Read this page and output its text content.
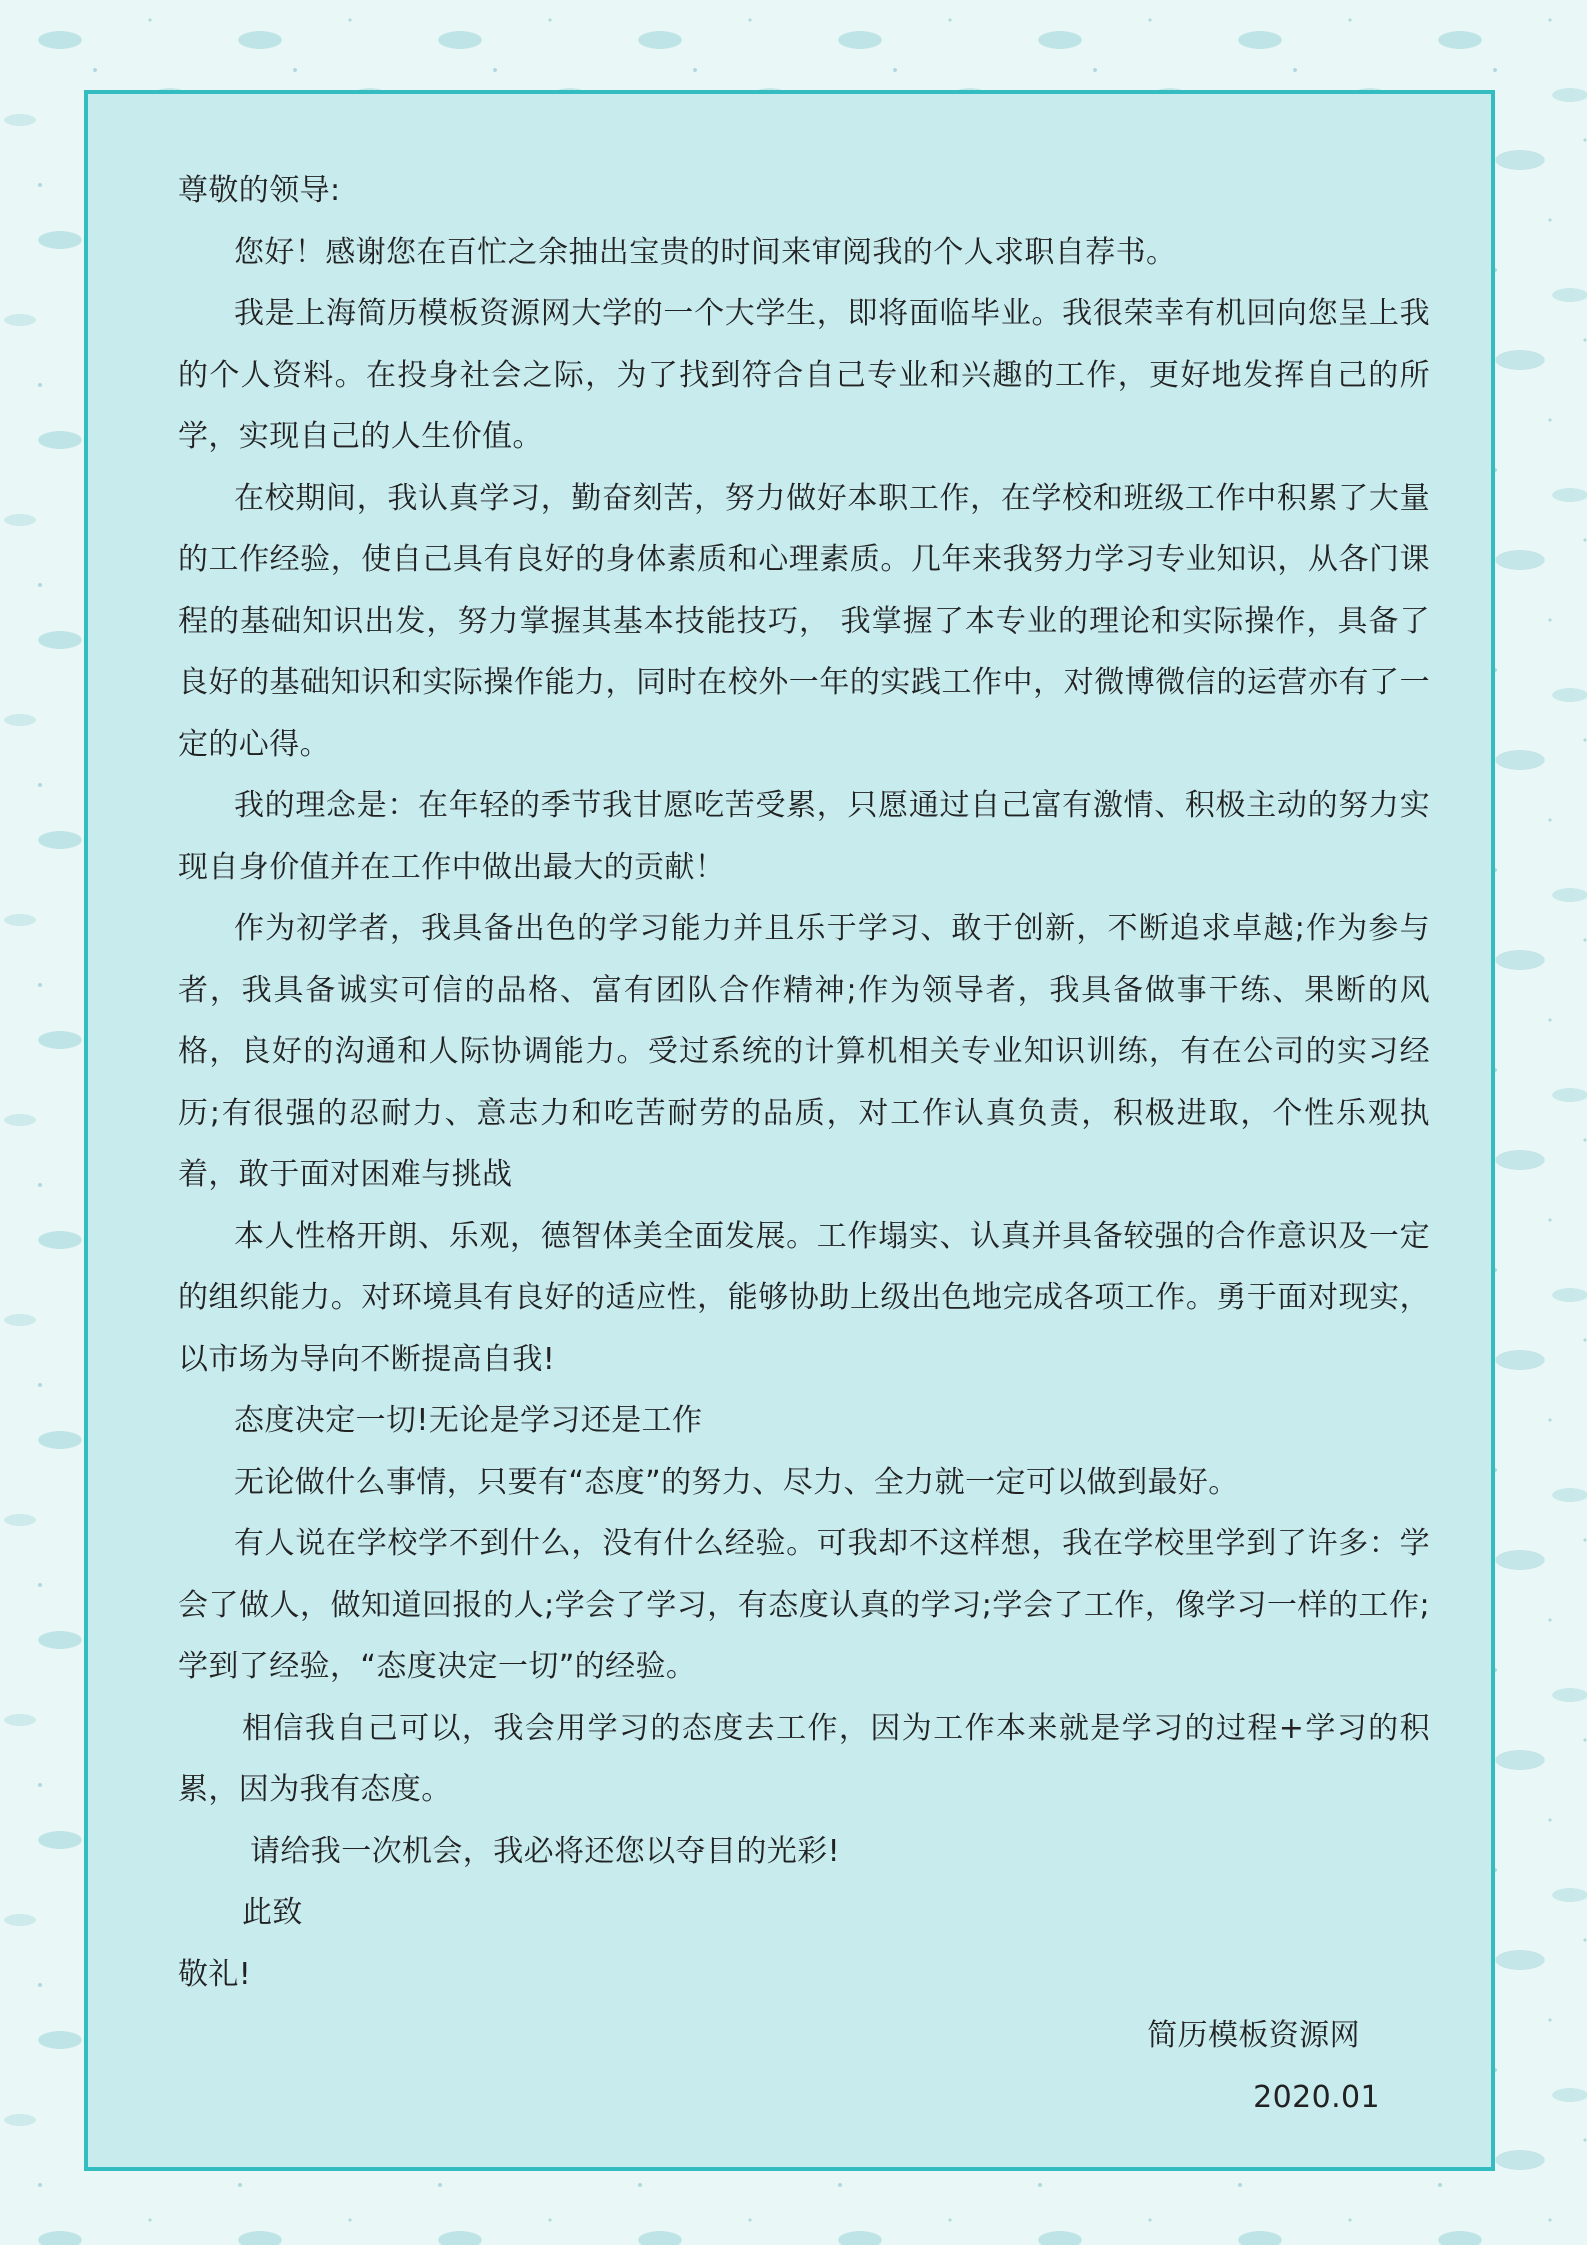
尊敬的领导:

您好！感谢您在百忙之余抽出宝贵的时间来审阅我的个人求职自荐书。

我是上海简历模板资源网大学的一个大学生，即将面临毕业。我很荣幸有机回向您呈上我的个人资料。在投身社会之际，为了找到符合自己专业和兴趣的工作，更好地发挥自己的所学，实现自己的人生价值。

在校期间，我认真学习，勤奋刻苦，努力做好本职工作，在学校和班级工作中积累了大量的工作经验，使自己具有良好的身体素质和心理素质。几年来我努力学习专业知识，从各门课程的基础知识出发，努力掌握其基本技能技巧， 我掌握了本专业的理论和实际操作，具备了良好的基础知识和实际操作能力，同时在校外一年的实践工作中，对微博微信的运营亦有了一定的心得。

我的理念是：在年轻的季节我甘愿吃苦受累，只愿通过自己富有激情、积极主动的努力实现自身价值并在工作中做出最大的贡献！

作为初学者，我具备出色的学习能力并且乐于学习、敢于创新，不断追求卓越;作为参与者，我具备诚实可信的品格、富有团队合作精神;作为领导者，我具备做事干练、果断的风格，良好的沟通和人际协调能力。受过系统的计算机相关专业知识训练，有在公司的实习经历;有很强的忍耐力、意志力和吃苦耐劳的品质，对工作认真负责，积极进取，个性乐观执着，敢于面对困难与挑战

本人性格开朗、乐观，德智体美全面发展。工作塌实、认真并具备较强的合作意识及一定的组织能力。对环境具有良好的适应性，能够协助上级出色地完成各项工作。勇于面对现实，以市场为导向不断提高自我!

态度决定一切!无论是学习还是工作

无论做什么事情，只要有“态度”的努力、尽力、全力就一定可以做到最好。

有人说在学校学不到什么，没有什么经验。可我却不这样想，我在学校里学到了许多：学会了做人，做知道回报的人;学会了学习，有态度认真的学习;学会了工作，像学习一样的工作;学到了经验，“态度决定一切”的经验。

相信我自己可以，我会用学习的态度去工作，因为工作本来就是学习的过程+学习的积累，因为我有态度。

请给我一次机会，我必将还您以夺目的光彩!

此致

敬礼!

简历模板资源网

2020.01
